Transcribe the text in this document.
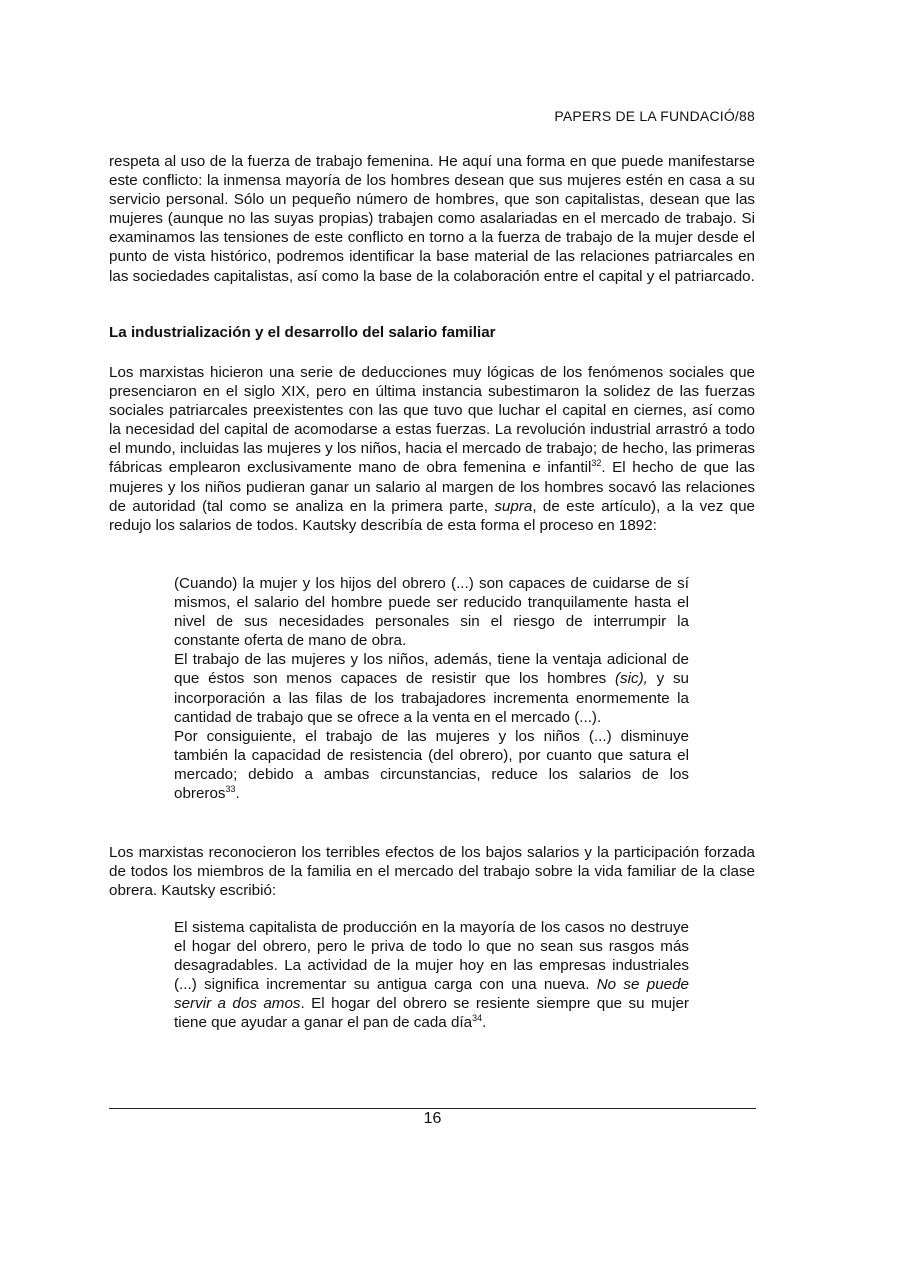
PAPERS DE LA FUNDACIÓ/88

respeta al uso de la fuerza de trabajo femenina. He aquí una forma en que puede manifestarse este conflicto: la inmensa mayoría de los hombres desean que sus mujeres estén en casa a su servicio personal. Sólo un pequeño número de hombres, que son capitalistas, desean que las mujeres (aunque no las suyas propias) trabajen como asalariadas en el mercado de trabajo. Si examinamos las tensiones de este conflicto en torno a la fuerza de trabajo de la mujer desde el punto de vista histórico, podremos identificar la base material de las relaciones patriarcales en las sociedades capitalistas, así como la base de la colaboración entre el capital y el patriarcado.

La industrialización y el desarrollo del salario familiar

Los marxistas hicieron una serie de deducciones muy lógicas de los fenómenos sociales que presenciaron en el siglo XIX, pero en última instancia subestimaron la solidez de las fuerzas sociales patriarcales preexistentes con las que tuvo que luchar el capital en ciernes, así como la necesidad del capital de acomodarse a estas fuerzas. La revolución industrial arrastró a todo el mundo, incluidas las mujeres y los niños, hacia el mercado de trabajo; de hecho, las primeras fábricas emplearon exclusivamente mano de obra femenina e infantil$^{32}$. El hecho de que las mujeres y los niños pudieran ganar un salario al margen de los hombres socavó las relaciones de autoridad (tal como se analiza en la primera parte, supra, de este artículo), a la vez que redujo los salarios de todos. Kautsky describía de esta forma el proceso en 1892:

(Cuando) la mujer y los hijos del obrero (...) son capaces de cuidarse de sí mismos, el salario del hombre puede ser reducido tranquilamente hasta el nivel de sus necesidades personales sin el riesgo de interrumpir la constante oferta de mano de obra.

El trabajo de las mujeres y los niños, además, tiene la ventaja adicional de que éstos son menos capaces de resistir que los hombres (sic), y su incorporación a las filas de los trabajadores incrementa enormemente la cantidad de trabajo que se ofrece a la venta en el mercado (...).

Por consiguiente, el trabajo de las mujeres y los niños (...) disminuye también la capacidad de resistencia (del obrero), por cuanto que satura el mercado; debido a ambas circunstancias, reduce los salarios de los obreros$^{33}$.

Los marxistas reconocieron los terribles efectos de los bajos salarios y la participación forzada de todos los miembros de la familia en el mercado del trabajo sobre la vida familiar de la clase obrera. Kautsky escribió:

El sistema capitalista de producción en la mayoría de los casos no destruye el hogar del obrero, pero le priva de todo lo que no sean sus rasgos más desagradables. La actividad de la mujer hoy en las empresas industriales (...) significa incrementar su antigua carga con una nueva. No se puede servir a dos amos. El hogar del obrero se resiente siempre que su mujer tiene que ayudar a ganar el pan de cada día$^{34}$.

16
